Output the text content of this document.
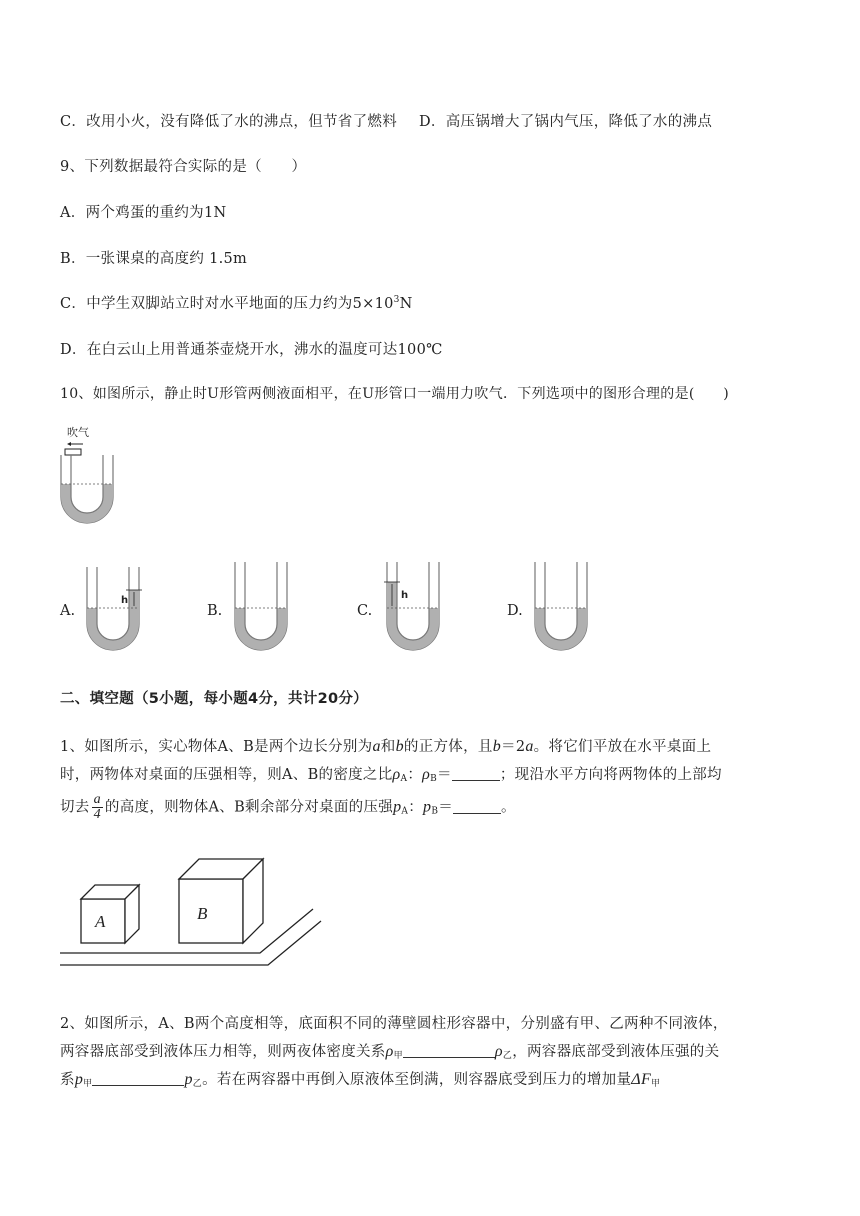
C．改用小火，没有降低了水的沸点，但节省了燃料 D．高压锅增大了锅内气压，降低了水的沸点
9、下列数据最符合实际的是（　　）
A．两个鸡蛋的重约为1N
B．一张课桌的高度约 1.5m
C．中学生双脚站立时对水平地面的压力约为$5\times 10^3N$
D．在白云山上用普通茶壶烧开水，沸水的温度可达100℃
10、如图所示，静止时U形管两侧液面相平，在U形管口一端用力吹气．下列选项中的图形合理的是(　　)
吹气
A.
h
B.	C.
h
D.
二、填空题（5小题，每小题4分，共计20分）
1、如图所示，实心物体A、B是两个边长分别为a和b的正方体，且b＝2a。将它们平放在水平桌面上
时，两物体对桌面的压强相等，则A、B的密度之比$\rho_A$：$\rho_B=$	；现沿水平方向将两物体的上部均
切去 $\frac{a}{4}$ 的高度，则物体A、B剩余部分对桌面的压强$p_A$：$p_B=$	。
A	B
2、如图所示，A、B两个高度相等，底面积不同的薄壁圆柱形容器中，分别盛有甲、乙两种不同液体，
两容器底部受到液体压力相等，则两夜体密度关系$\rho_甲$	$\rho_乙$，两容器底部受到液体压强的关
系$p_甲$	$p_乙$。若在两容器中再倒入原液体至倒满，则容器底受到压力的增加量$\Delta F_甲$
